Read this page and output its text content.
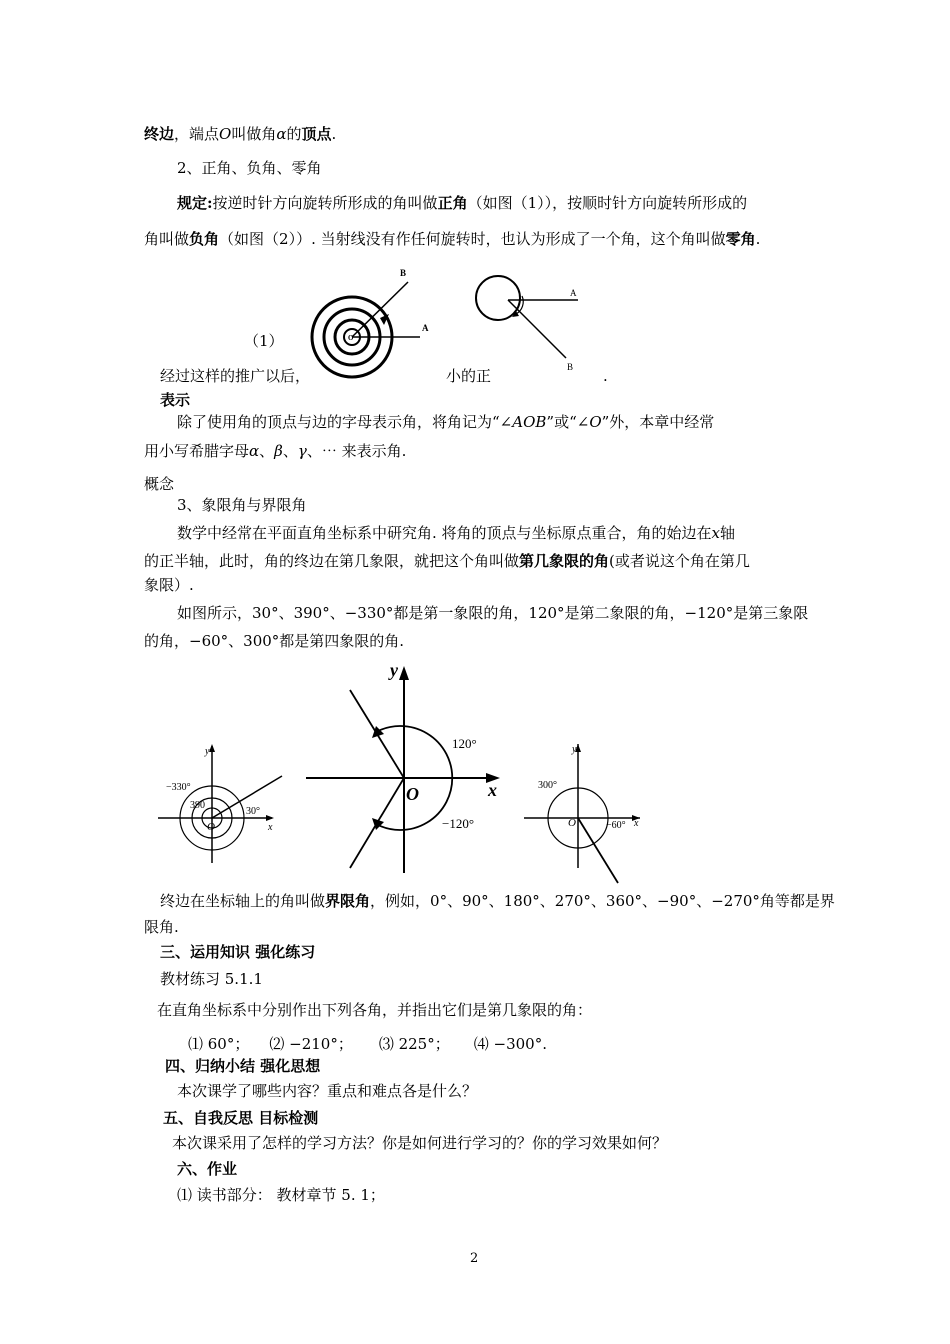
终边，端点O叫做角α的顶点.
2、正角、负角、零角
规定:按逆时针方向旋转所形成的角叫做正角（如图（1）），按顺时针方向旋转所形成的
角叫做负角（如图（2））. 当射线没有作任何旋转时，也认为形成了一个角，这个角叫做零角.
（1）
B
A
O
A
B
经过这样的推广以后，	小的正	.
表示
除了使用角的顶点与边的字母表示角，将角记为“∠AOB”或“∠O”外，本章中经常
用小写希腊字母α、β、γ、⋯ 来表示角.
概念
3、象限角与界限角
数学中经常在平面直角坐标系中研究角. 将角的顶点与坐标原点重合，角的始边在x轴
的正半轴，此时，角的终边在第几象限，就把这个角叫做第几象限的角(或者说这个角在第几
象限）.
如图所示，30°、390°、−330°都是第一象限的角，120°是第二象限的角，−120°是第三象限
的角，−60°、300°都是第四象限的角.
y
x
O
−330°
390
30°
y
x
O
120°
−120°
y
x
O
300°
−60°
终边在坐标轴上的角叫做界限角，例如，0°、90°、180°、270°、360°、−90°、−270°角等都是界
限角.
三、运用知识 强化练习
教材练习 5.1.1
在直角坐标系中分别作出下列各角，并指出它们是第几象限的角：
⑴ 60°； ⑵ −210°； ⑶ 225°； ⑷ −300°.
四、归纳小结 强化思想
本次课学了哪些内容？重点和难点各是什么？
五、自我反思 目标检测
本次课采用了怎样的学习方法？你是如何进行学习的？你的学习效果如何？
六、作业
⑴ 读书部分： 教材章节 5. 1；
2
